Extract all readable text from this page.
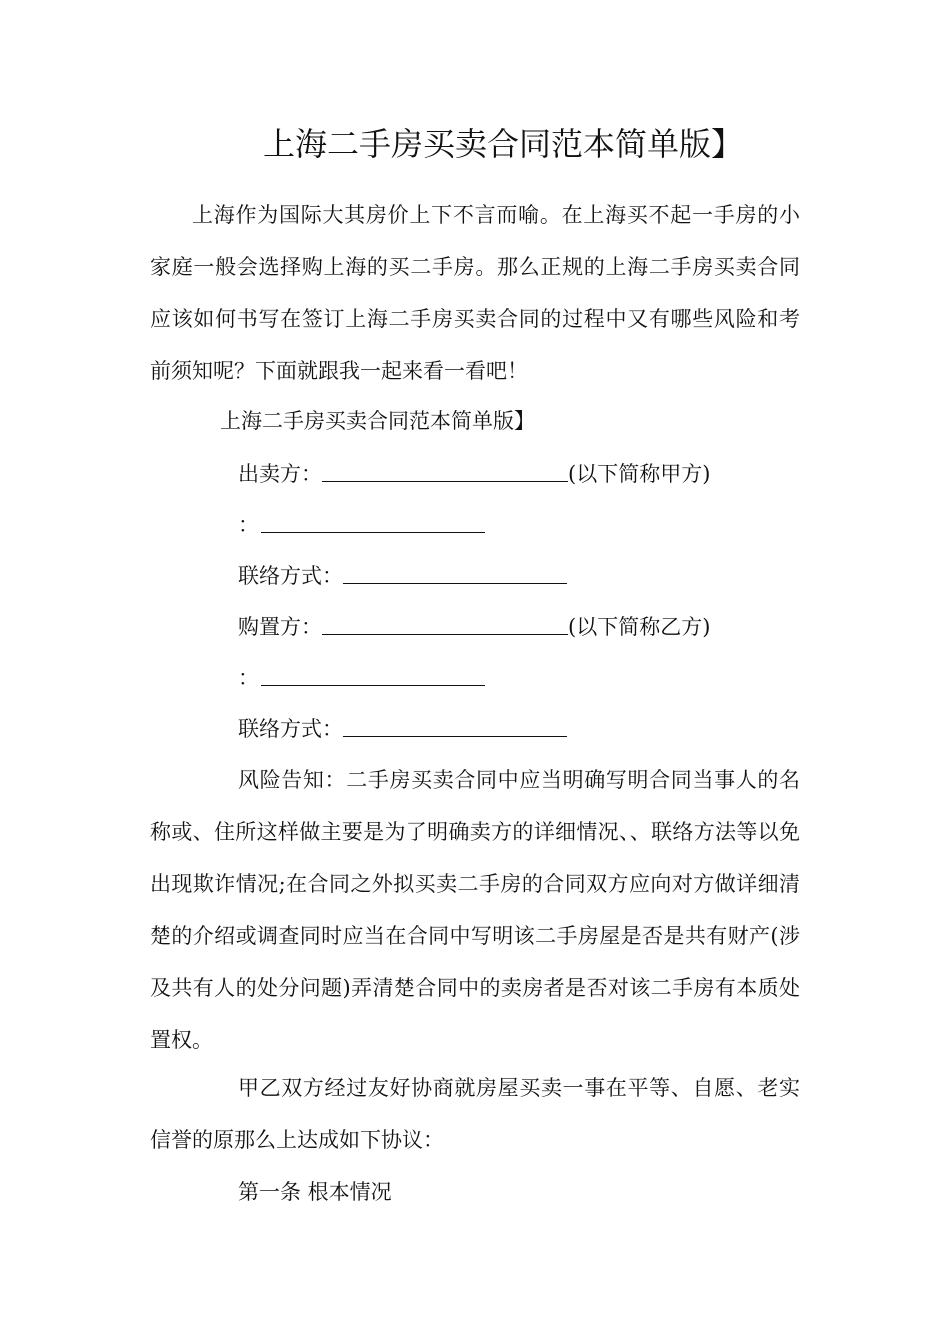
上海二手房买卖合同范本简单版】

上海作为国际大其房价上下不言而喻。在上海买不起一手房的小家庭一般会选择购上海的买二手房。那么正规的上海二手房买卖合同应该如何书写在签订上海二手房买卖合同的过程中又有哪些风险和考前须知呢？下面就跟我一起来看一看吧！

上海二手房买卖合同范本简单版】

出卖方：	(以下简称甲方)
：
联络方式：
购置方：	(以下简称乙方)
：
联络方式：

风险告知：二手房买卖合同中应当明确写明合同当事人的名称或、住所这样做主要是为了明确卖方的详细情况、、联络方法等以免出现欺诈情况;在合同之外拟买卖二手房的合同双方应向对方做详细清楚的介绍或调查同时应当在合同中写明该二手房屋是否是共有财产(涉及共有人的处分问题)弄清楚合同中的卖房者是否对该二手房有本质处置权。

甲乙双方经过友好协商就房屋买卖一事在平等、自愿、老实信誉的原那么上达成如下协议：

第一条 根本情况
